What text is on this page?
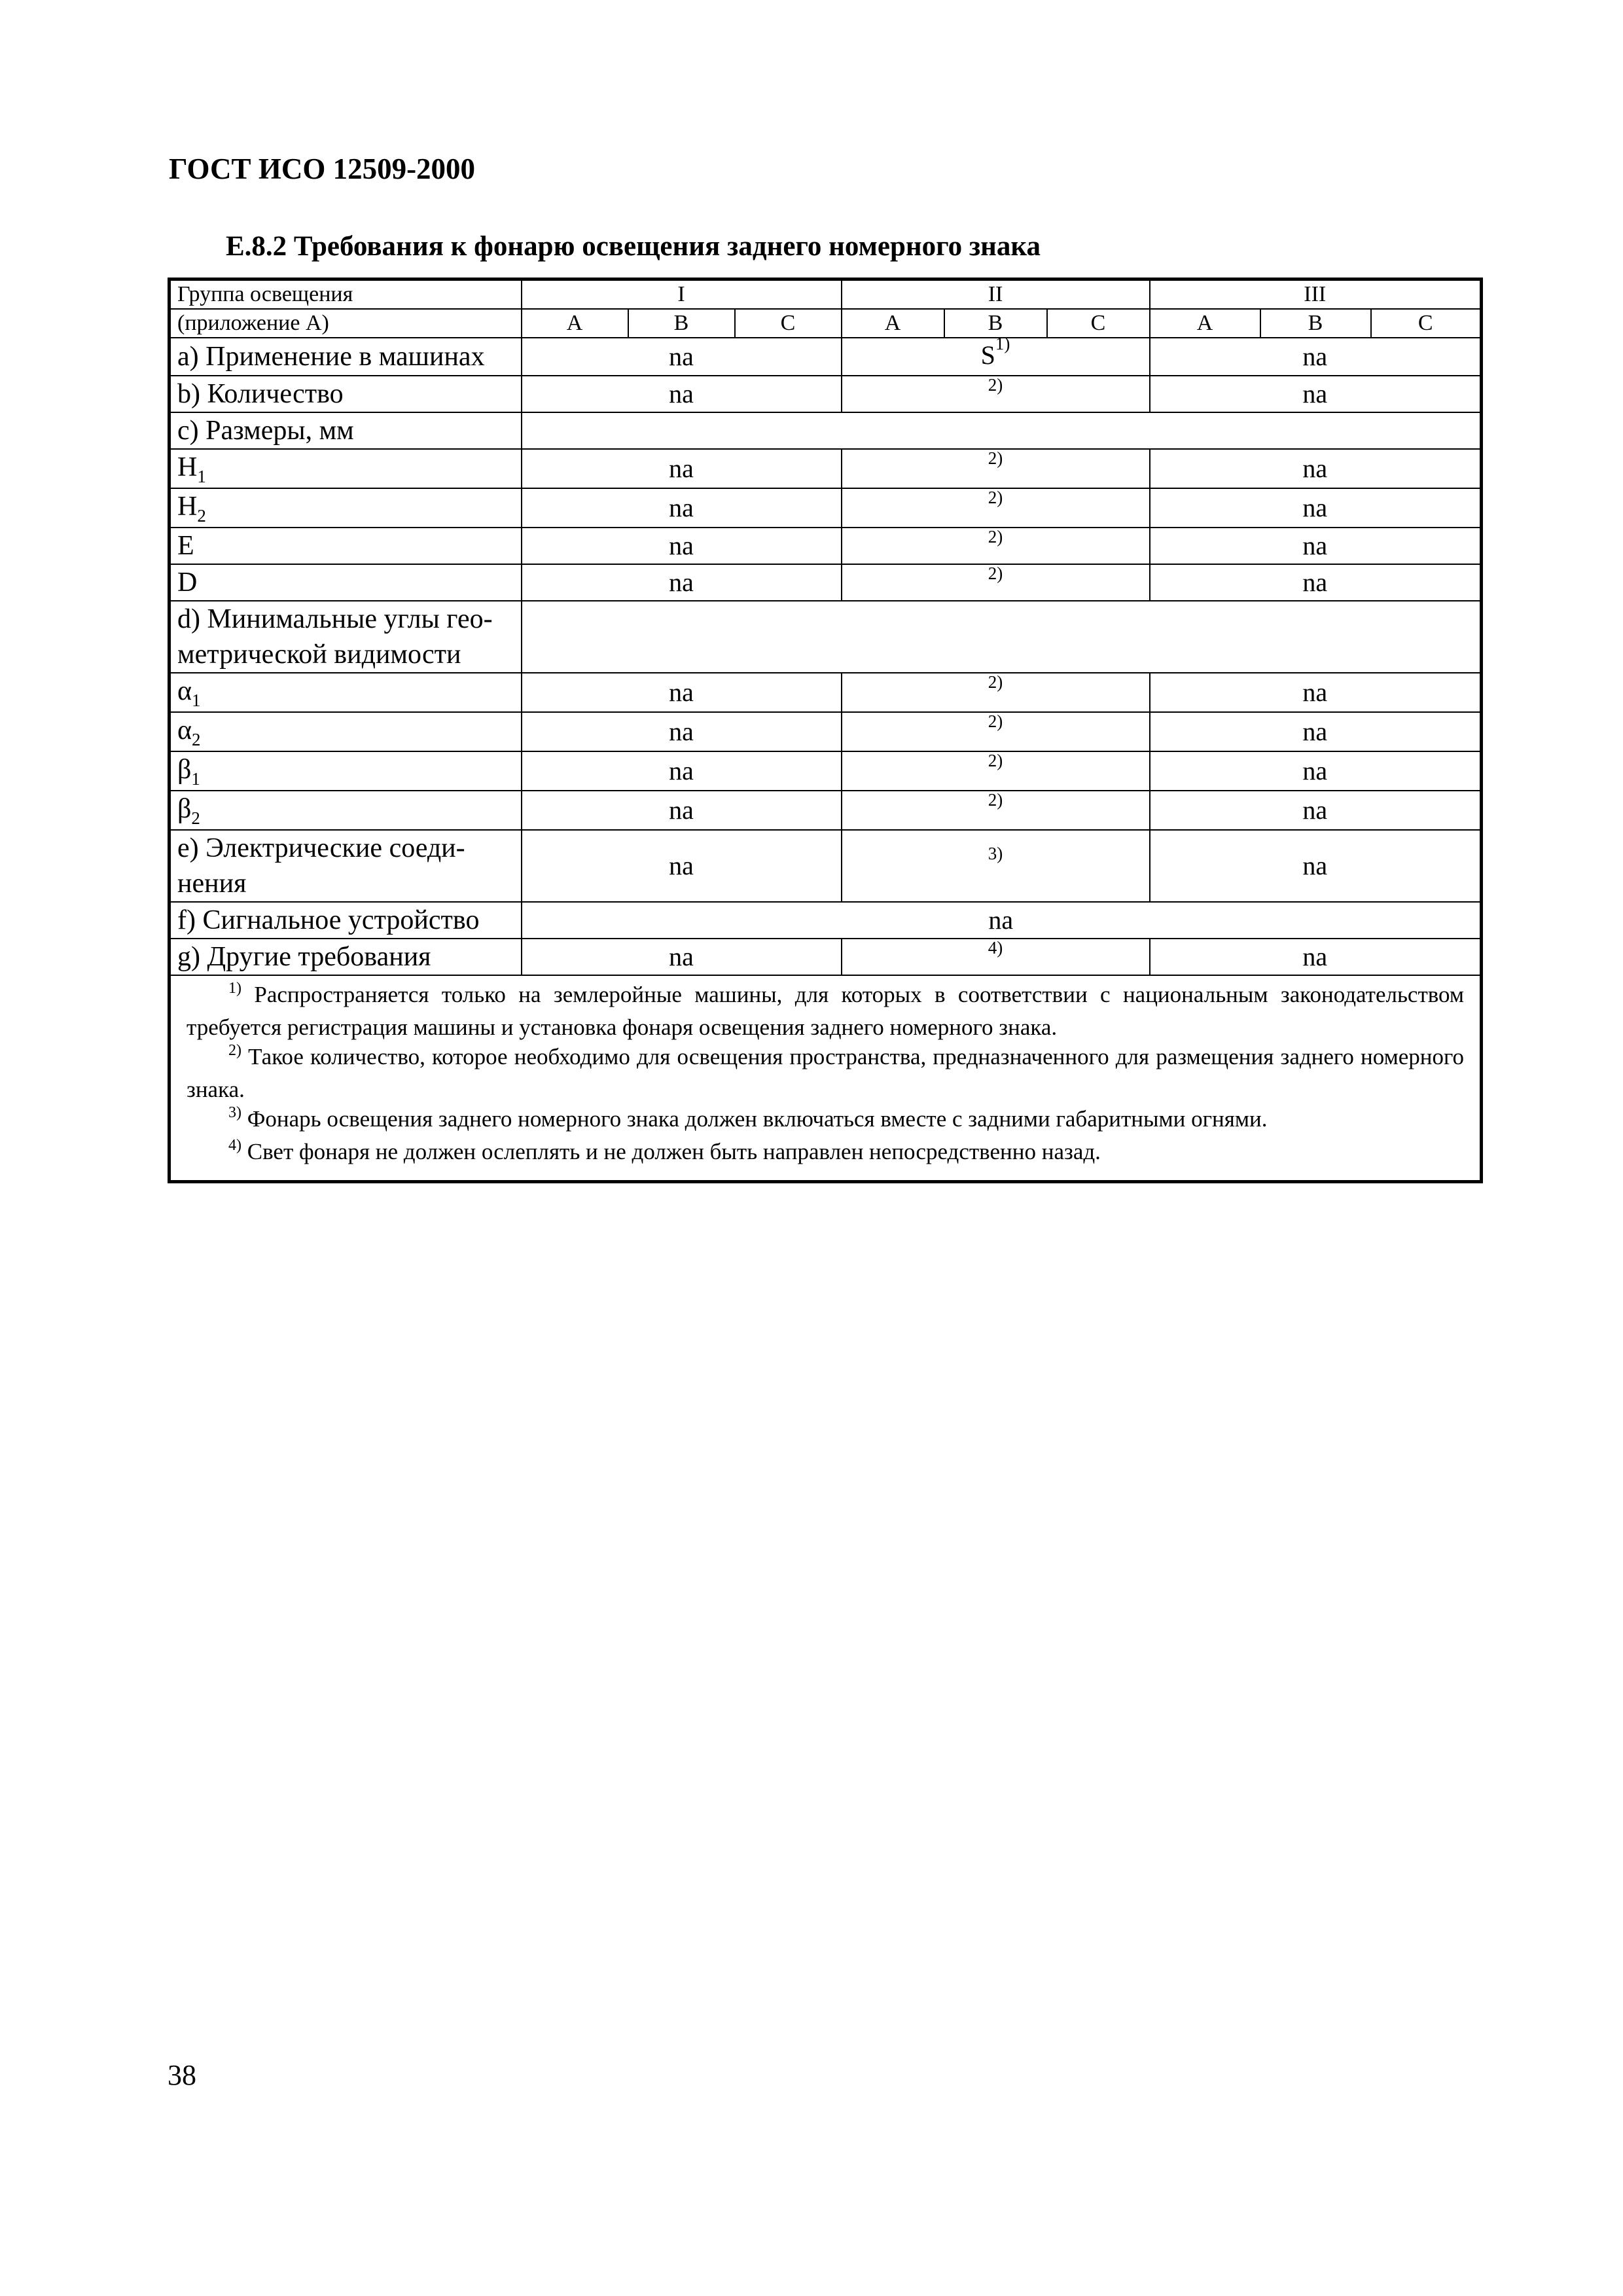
ГОСТ ИСО 12509-2000
E.8.2 Требования к фонарю освещения заднего номерного знака
Группа освещения	I			II			III		
(приложение А)	A	B	C	A	B	C	A	B	C
a) Применение в машинах	na			$S^{1)}$			na		
b) Количество	na			2)			na		
c) Размеры, мм									
$H_1$	na			2)			na		
$H_2$	na			2)			na		
E	na			2)			na		
D	na			2)			na		

d) Минимальные углы гео-
метрической видимости									

$\alpha_1$	na			2)			na		
$\alpha_2$	na			2)			na		
$\beta_1$	na			2)			na		
$\beta_2$	na			2)			na		

e) Электрические соеди-
нения	na			3)			na		
f) Сигнальное устройство	na								
g) Другие требования	na			4)			na		

$^{1)}$ Распространяется только на землеройные машины, для которых в соответствии с национальным законодательством требуется регистрация машины и установка фонаря освещения заднего номерного знака.

$^{2)}$ Такое количество, которое необходимо для освещения пространства, предназначенного для размещения заднего номерного знака.

$^{3)}$ Фонарь освещения заднего номерного знака должен включаться вместе с задними габаритными огнями.

$^{4)}$ Свет фонаря не должен ослеплять и не должен быть направлен непосредственно назад.									

38
